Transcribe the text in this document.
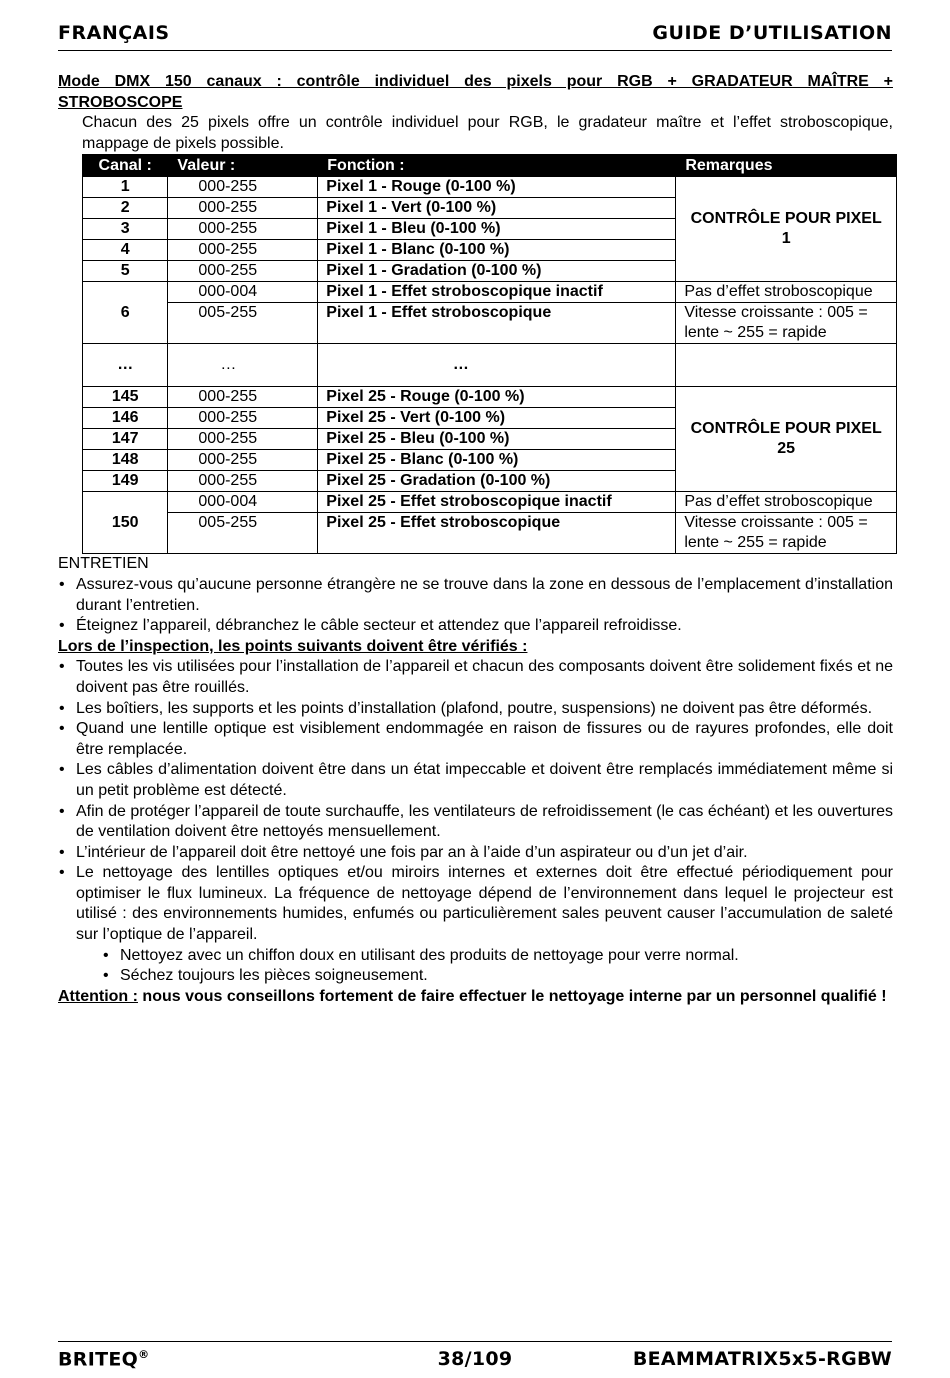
FRANÇAIS	GUIDE D’UTILISATION
Mode DMX 150 canaux : contrôle individuel des pixels pour RGB + GRADATEUR MAÎTRE +
STROBOSCOPE
Chacun des 25 pixels offre un contrôle individuel pour RGB, le gradateur maître et l’effet stroboscopique,
mappage de pixels possible.
Canal :	Valeur :	Fonction :	Remarques
1	000-255	Pixel 1 - Rouge (0-100 %)	CONTRÔLE POUR PIXEL 1
2	000-255	Pixel 1 - Vert (0-100 %)	
3	000-255	Pixel 1 - Bleu (0-100 %)	
4	000-255	Pixel 1 - Blanc (0-100 %)	
5	000-255	Pixel 1 - Gradation (0-100 %)	
6	000-004	Pixel 1 - Effet stroboscopique inactif	Pas d’effet stroboscopique
	005-255	Pixel 1 - Effet stroboscopique	Vitesse croissante : 005 = lente ~ 255 = rapide
…	…	…	
145	000-255	Pixel 25 - Rouge (0-100 %)	CONTRÔLE POUR PIXEL 25
146	000-255	Pixel 25 - Vert (0-100 %)	
147	000-255	Pixel 25 - Bleu (0-100 %)	
148	000-255	Pixel 25 - Blanc (0-100 %)	
149	000-255	Pixel 25 - Gradation (0-100 %)	
150	000-004	Pixel 25 - Effet stroboscopique inactif	Pas d’effet stroboscopique
	005-255	Pixel 25 - Effet stroboscopique	Vitesse croissante : 005 = lente ~ 255 = rapide
ENTRETIEN
• Assurez-vous qu’aucune personne étrangère ne se trouve dans la zone en dessous de l’emplacement d’installation durant l’entretien.
• Éteignez l’appareil, débranchez le câble secteur et attendez que l’appareil refroidisse.
Lors de l’inspection, les points suivants doivent être vérifiés :
• Toutes les vis utilisées pour l’installation de l’appareil et chacun des composants doivent être solidement fixés et ne doivent pas être rouillés.
• Les boîtiers, les supports et les points d’installation (plafond, poutre, suspensions) ne doivent pas être déformés.
• Quand une lentille optique est visiblement endommagée en raison de fissures ou de rayures profondes, elle doit être remplacée.
• Les câbles d’alimentation doivent être dans un état impeccable et doivent être remplacés immédiatement même si un petit problème est détecté.
• Afin de protéger l’appareil de toute surchauffe, les ventilateurs de refroidissement (le cas échéant) et les ouvertures de ventilation doivent être nettoyés mensuellement.
• L’intérieur de l’appareil doit être nettoyé une fois par an à l’aide d’un aspirateur ou d’un jet d’air.
• Le nettoyage des lentilles optiques et/ou miroirs internes et externes doit être effectué périodiquement pour optimiser le flux lumineux. La fréquence de nettoyage dépend de l’environnement dans lequel le projecteur est utilisé : des environnements humides, enfumés ou particulièrement sales peuvent causer l’accumulation de saleté sur l’optique de l’appareil.
• Nettoyez avec un chiffon doux en utilisant des produits de nettoyage pour verre normal.
• Séchez toujours les pièces soigneusement.
Attention : nous vous conseillons fortement de faire effectuer le nettoyage interne par un personnel qualifié !
BRITEQ®	38/109	BEAMMATRIX5x5-RGBW
